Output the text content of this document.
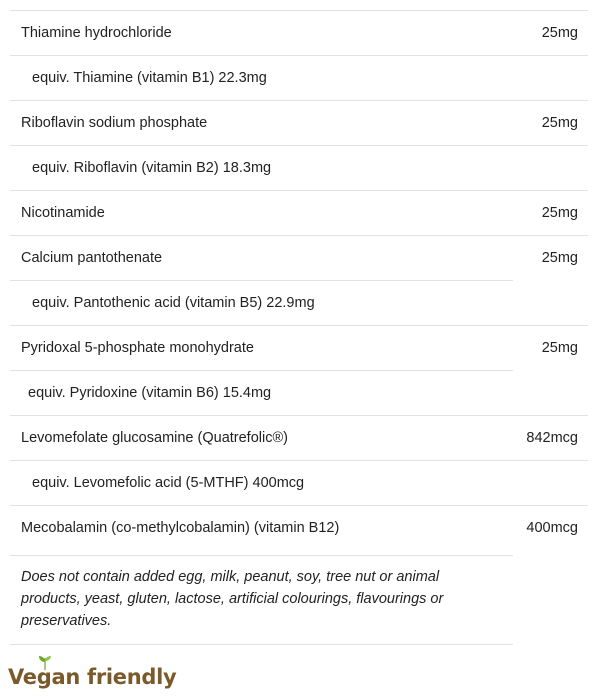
Thiamine hydrochloride	25mg
equiv. Thiamine (vitamin B1) 22.3mg
Riboflavin sodium phosphate	25mg
equiv. Riboflavin (vitamin B2) 18.3mg
Nicotinamide	25mg
Calcium pantothenate	25mg
equiv. Pantothenic acid (vitamin B5) 22.9mg
Pyridoxal 5-phosphate monohydrate	25mg
equiv. Pyridoxine (vitamin B6) 15.4mg
Levomefolate glucosamine (Quatrefolic®)	842mcg
equiv. Levomefolic acid (5-MTHF) 400mcg
Mecobalamin (co-methylcobalamin) (vitamin B12)	400mcg
Does not contain added egg, milk, peanut, soy, tree nut or animal products, yeast, gluten, lactose, artificial colourings, flavourings or preservatives.
Vegan friendly
